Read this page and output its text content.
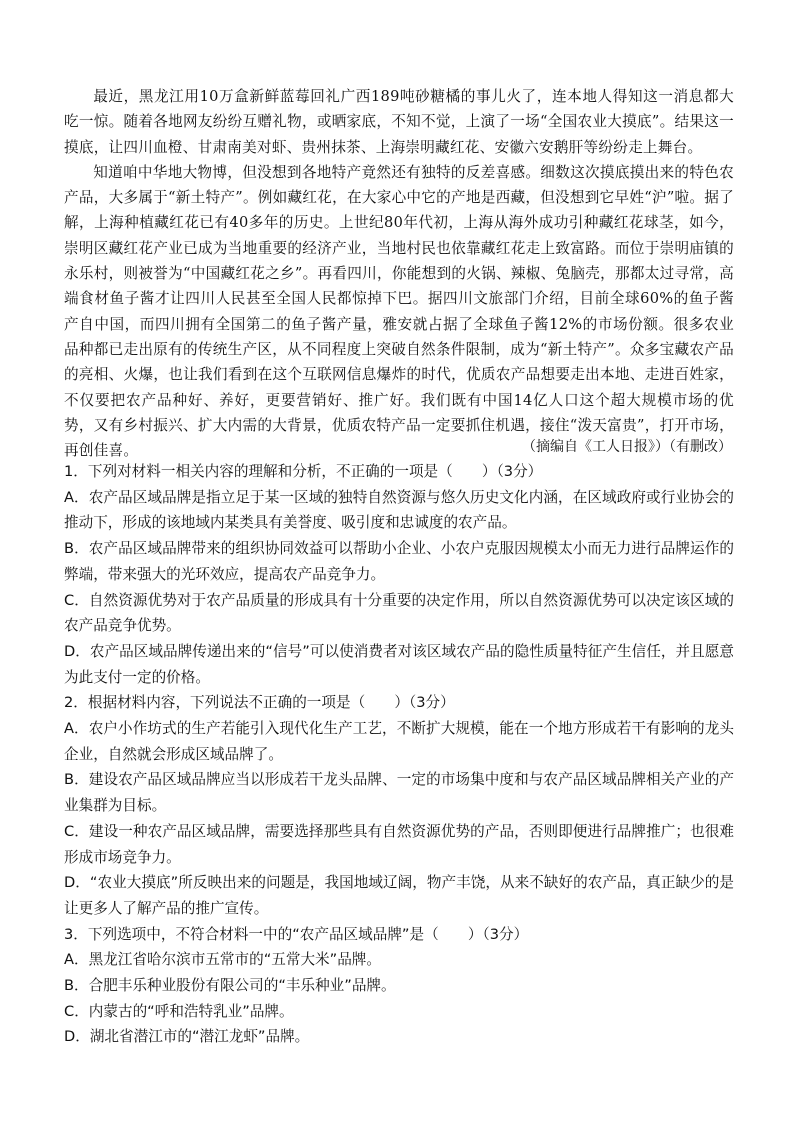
最近，黑龙江用10万盒新鲜蓝莓回礼广西189吨砂糖橘的事儿火了，连本地人得知这一消息都大吃一惊。随着各地网友纷纷互赠礼物，或晒家底，不知不觉，上演了一场“全国农业大摸底”。结果这一摸底，让四川血橙、甘肃南美对虾、贵州抹茶、上海崇明藏红花、安徽六安鹅肝等纷纷走上舞台。

知道咱中华地大物博，但没想到各地特产竟然还有独特的反差喜感。细数这次摸底摸出来的特色农产品，大多属于“新土特产”。例如藏红花，在大家心中它的产地是西藏，但没想到它早姓“沪”啦。据了解，上海种植藏红花已有40多年的历史。上世纪80年代初，上海从海外成功引种藏红花球茎，如今，崇明区藏红花产业已成为当地重要的经济产业，当地村民也依靠藏红花走上致富路。而位于崇明庙镇的永乐村，则被誉为“中国藏红花之乡”。再看四川，你能想到的火锅、辣椒、兔脑壳，那都太过寻常，高端食材鱼子酱才让四川人民甚至全国人民都惊掉下巴。据四川文旅部门介绍，目前全球60%的鱼子酱产自中国，而四川拥有全国第二的鱼子酱产量，雅安就占据了全球鱼子酱12%的市场份额。很多农业品种都已走出原有的传统生产区，从不同程度上突破自然条件限制，成为“新土特产”。众多宝藏农产品的亮相、火爆，也让我们看到在这个互联网信息爆炸的时代，优质农产品想要走出本地、走进百姓家，不仅要把农产品种好、养好，更要营销好、推广好。我们既有中国14亿人口这个超大规模市场的优势，又有乡村振兴、扩大内需的大背景，优质农特产品一定要抓住机遇，接住“泼天富贵”，打开市场，再创佳喜。	（摘编自《工人日报》）（有删改）

1．下列对材料一相关内容的理解和分析，不正确的一项是（　　）（3分）

A．农产品区域品牌是指立足于某一区域的独特自然资源与悠久历史文化内涵，在区域政府或行业协会的推动下，形成的该地域内某类具有美誉度、吸引度和忠诚度的农产品。

B．农产品区域品牌带来的组织协同效益可以帮助小企业、小农户克服因规模太小而无力进行品牌运作的弊端，带来强大的光环效应，提高农产品竞争力。

C．自然资源优势对于农产品质量的形成具有十分重要的决定作用，所以自然资源优势可以决定该区域的农产品竞争优势。

D．农产品区域品牌传递出来的“信号”可以使消费者对该区域农产品的隐性质量特征产生信任，并且愿意为此支付一定的价格。

2．根据材料内容，下列说法不正确的一项是（　　）（3分）

A．农户小作坊式的生产若能引入现代化生产工艺，不断扩大规模，能在一个地方形成若干有影响的龙头企业，自然就会形成区域品牌了。

B．建设农产品区域品牌应当以形成若干龙头品牌、一定的市场集中度和与农产品区域品牌相关产业的产业集群为目标。

C．建设一种农产品区域品牌，需要选择那些具有自然资源优势的产品，否则即便进行品牌推广；也很难形成市场竞争力。

D．“农业大摸底”所反映出来的问题是，我国地域辽阔，物产丰饶，从来不缺好的农产品，真正缺少的是让更多人了解产品的推广宣传。

3．下列选项中，不符合材料一中的“农产品区域品牌”是（　　）（3分）

A．黑龙江省哈尔滨市五常市的“五常大米”品牌。

B．合肥丰乐种业股份有限公司的“丰乐种业”品牌。

C．内蒙古的“呼和浩特乳业”品牌。

D．湖北省潜江市的“潜江龙虾”品牌。
